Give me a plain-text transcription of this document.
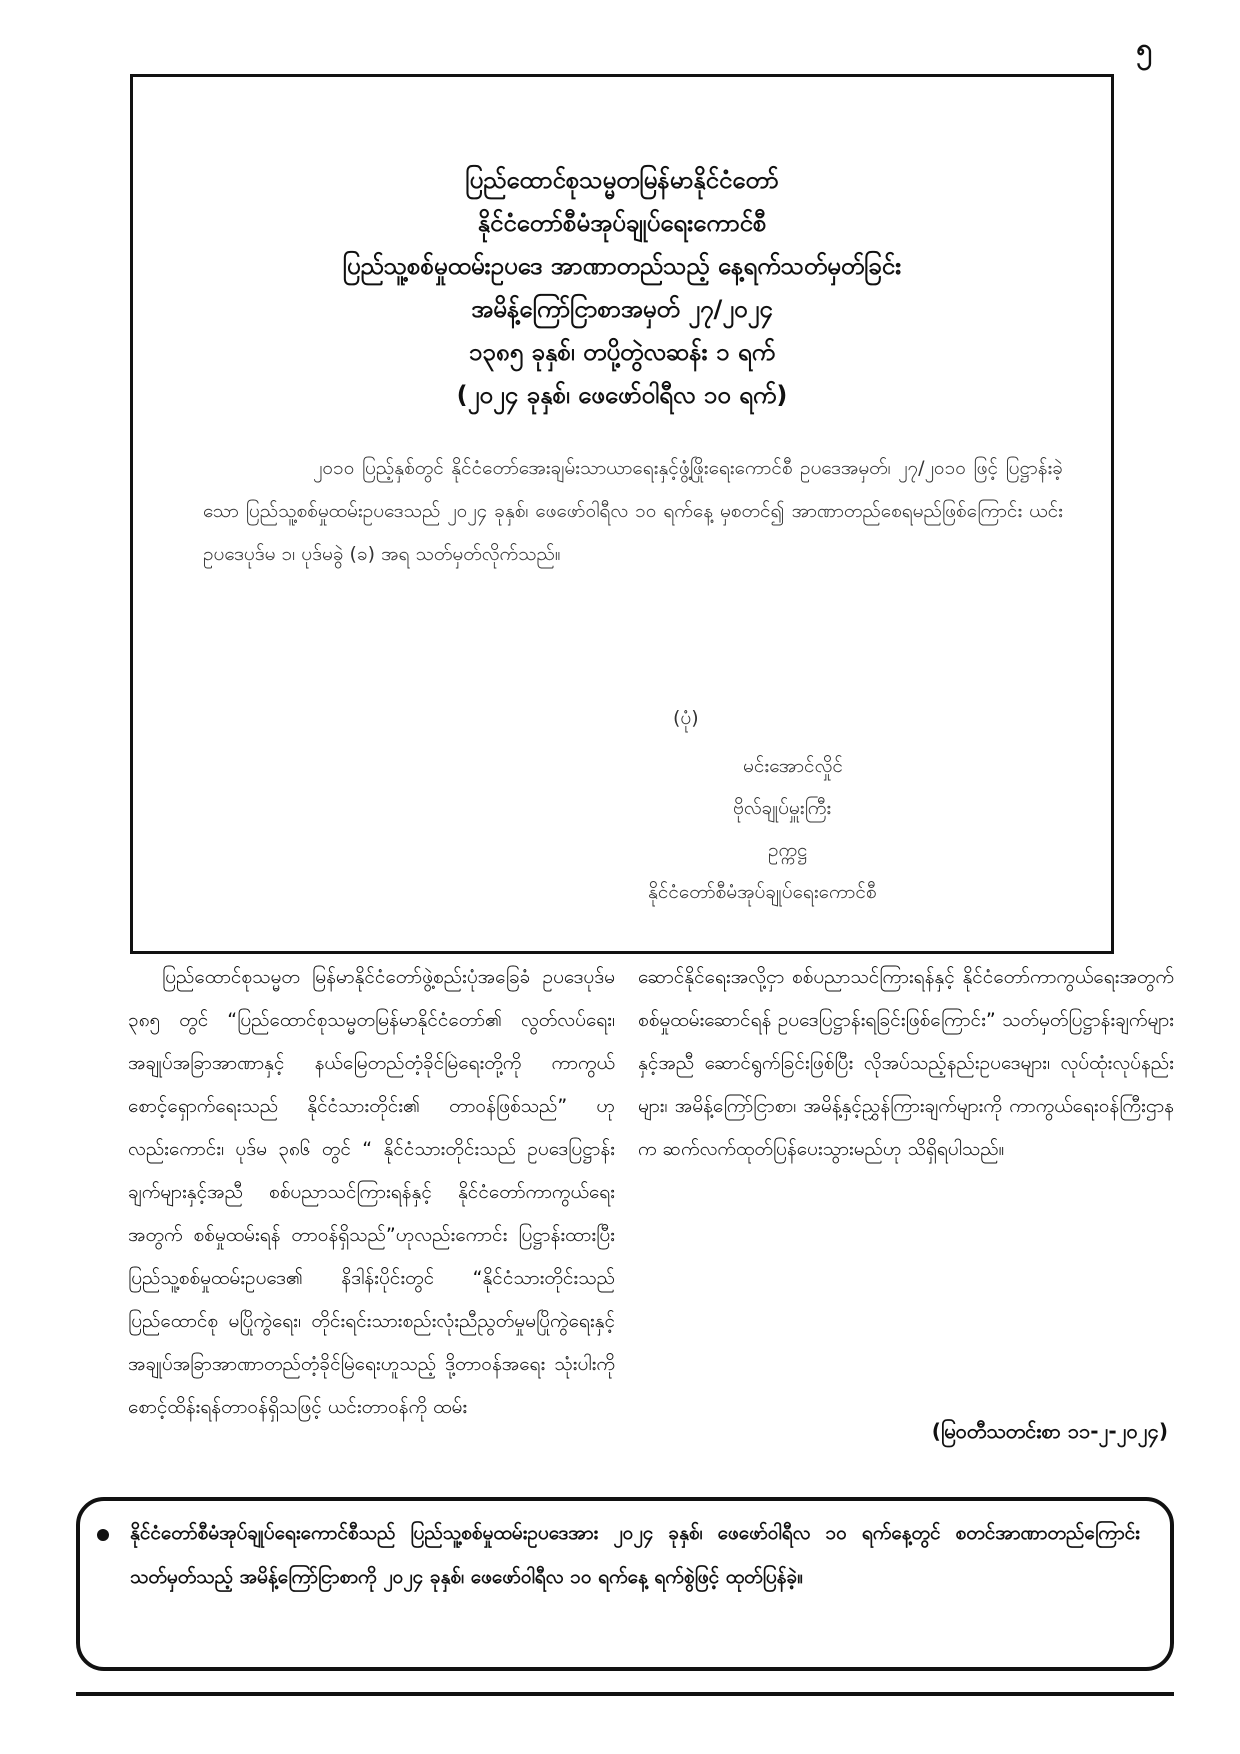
၅
ပြည်ထောင်စုသမ္မတမြန်မာနိုင်ငံတော်
နိုင်ငံတော်စီမံအုပ်ချုပ်ရေးကောင်စီ
ပြည်သူ့စစ်မှုထမ်းဥပဒေ အာဏာတည်သည့် နေ့ရက်သတ်မှတ်ခြင်း
အမိန့်ကြော်ငြာစာအမှတ် ၂၇/၂၀၂၄
၁၃၈၅ ခုနှစ်၊ တပို့တွဲလဆန်း ၁ ရက်
(၂၀၂၄ ခုနှစ်၊ ဖေဖော်ဝါရီလ ၁၀ ရက်)
၂၀၁၀ ပြည့်နှစ်တွင် နိုင်ငံတော်အေးချမ်းသာယာရေးနှင့်ဖွံ့ဖြိုးရေးကောင်စီ ဥပဒေအမှတ်၊ ၂၇/၂၀၁၀ ဖြင့် ပြဋ္ဌာန်းခဲ့သော ပြည်သူ့စစ်မှုထမ်းဥပဒေသည် ၂၀၂၄ ခုနှစ်၊ ဖေဖော်ဝါရီလ ၁၀ ရက်နေ့ မှစတင်၍ အာဏာတည်စေရမည်ဖြစ်ကြောင်း ယင်းဥပဒေပုဒ်မ ၁၊ ပုဒ်မခွဲ (ခ) အရ သတ်မှတ်လိုက်သည်။
(ပုံ)
မင်းအောင်လှိုင်
ဗိုလ်ချုပ်မှူးကြီး
ဥက္ကဋ္ဌ
နိုင်ငံတော်စီမံအုပ်ချုပ်ရေးကောင်စီ
ပြည်ထောင်စုသမ္မတ မြန်မာနိုင်ငံတော်ဖွဲ့စည်းပုံအခြေခံ ဥပဒေပုဒ်မ ၃၈၅ တွင် “ပြည်ထောင်စုသမ္မတမြန်မာနိုင်ငံတော်၏ လွတ်လပ်ရေး၊ အချုပ်အခြာအာဏာနှင့် နယ်မြေတည်တံ့ခိုင်မြဲရေးတို့ကို ကာကွယ်စောင့်ရှောက်ရေးသည် နိုင်ငံသားတိုင်း၏ တာဝန်ဖြစ်သည်” ဟုလည်းကောင်း၊ ပုဒ်မ ၃၈၆ တွင် “ နိုင်ငံသားတိုင်းသည် ဥပဒေပြဋ္ဌာန်းချက်များနှင့်အညီ စစ်ပညာသင်ကြားရန်နှင့် နိုင်ငံတော်ကာကွယ်ရေးအတွက် စစ်မှုထမ်းရန် တာဝန်ရှိသည်”ဟုလည်းကောင်း ပြဋ္ဌာန်းထားပြီး ပြည်သူ့စစ်မှုထမ်းဥပဒေ၏ နိဒါန်းပိုင်းတွင် “နိုင်ငံသားတိုင်းသည် ပြည်ထောင်စု မပြိုကွဲရေး၊ တိုင်းရင်းသားစည်းလုံးညီညွတ်မှုမပြိုကွဲရေးနှင့် အချုပ်အခြာအာဏာတည်တံ့ခိုင်မြဲရေးဟူသည့် ဒို့တာဝန်အရေး သုံးပါးကို စောင့်ထိန်းရန်တာဝန်ရှိသဖြင့် ယင်းတာဝန်ကို ထမ်း
ဆောင်နိုင်ရေးအလို့ငှာ စစ်ပညာသင်ကြားရန်နှင့် နိုင်ငံတော်ကာကွယ်ရေးအတွက် စစ်မှုထမ်းဆောင်ရန် ဥပဒေပြဋ္ဌာန်းရခြင်းဖြစ်ကြောင်း” သတ်မှတ်ပြဋ္ဌာန်းချက်များနှင့်အညီ ဆောင်ရွက်ခြင်းဖြစ်ပြီး လိုအပ်သည့်နည်းဥပဒေများ၊ လုပ်ထုံးလုပ်နည်းများ၊ အမိန့်ကြော်ငြာစာ၊ အမိန့်နှင့်ညွှန်ကြားချက်များကို ကာကွယ်ရေးဝန်ကြီးဌာနက ဆက်လက်ထုတ်ပြန်ပေးသွားမည်ဟု သိရှိရပါသည်။
(မြဝတီသတင်းစာ ၁၁-၂-၂၀၂၄)
နိုင်ငံတော်စီမံအုပ်ချုပ်ရေးကောင်စီသည် ပြည်သူ့စစ်မှုထမ်းဥပဒေအား ၂၀၂၄ ခုနှစ်၊ ဖေဖော်ဝါရီလ ၁၀ ရက်နေ့တွင် စတင်အာဏာတည်ကြောင်း သတ်မှတ်သည့် အမိန့်ကြော်ငြာစာကို ၂၀၂၄ ခုနှစ်၊ ဖေဖော်ဝါရီလ ၁၀ ရက်နေ့ ရက်စွဲဖြင့် ထုတ်ပြန်ခဲ့။
